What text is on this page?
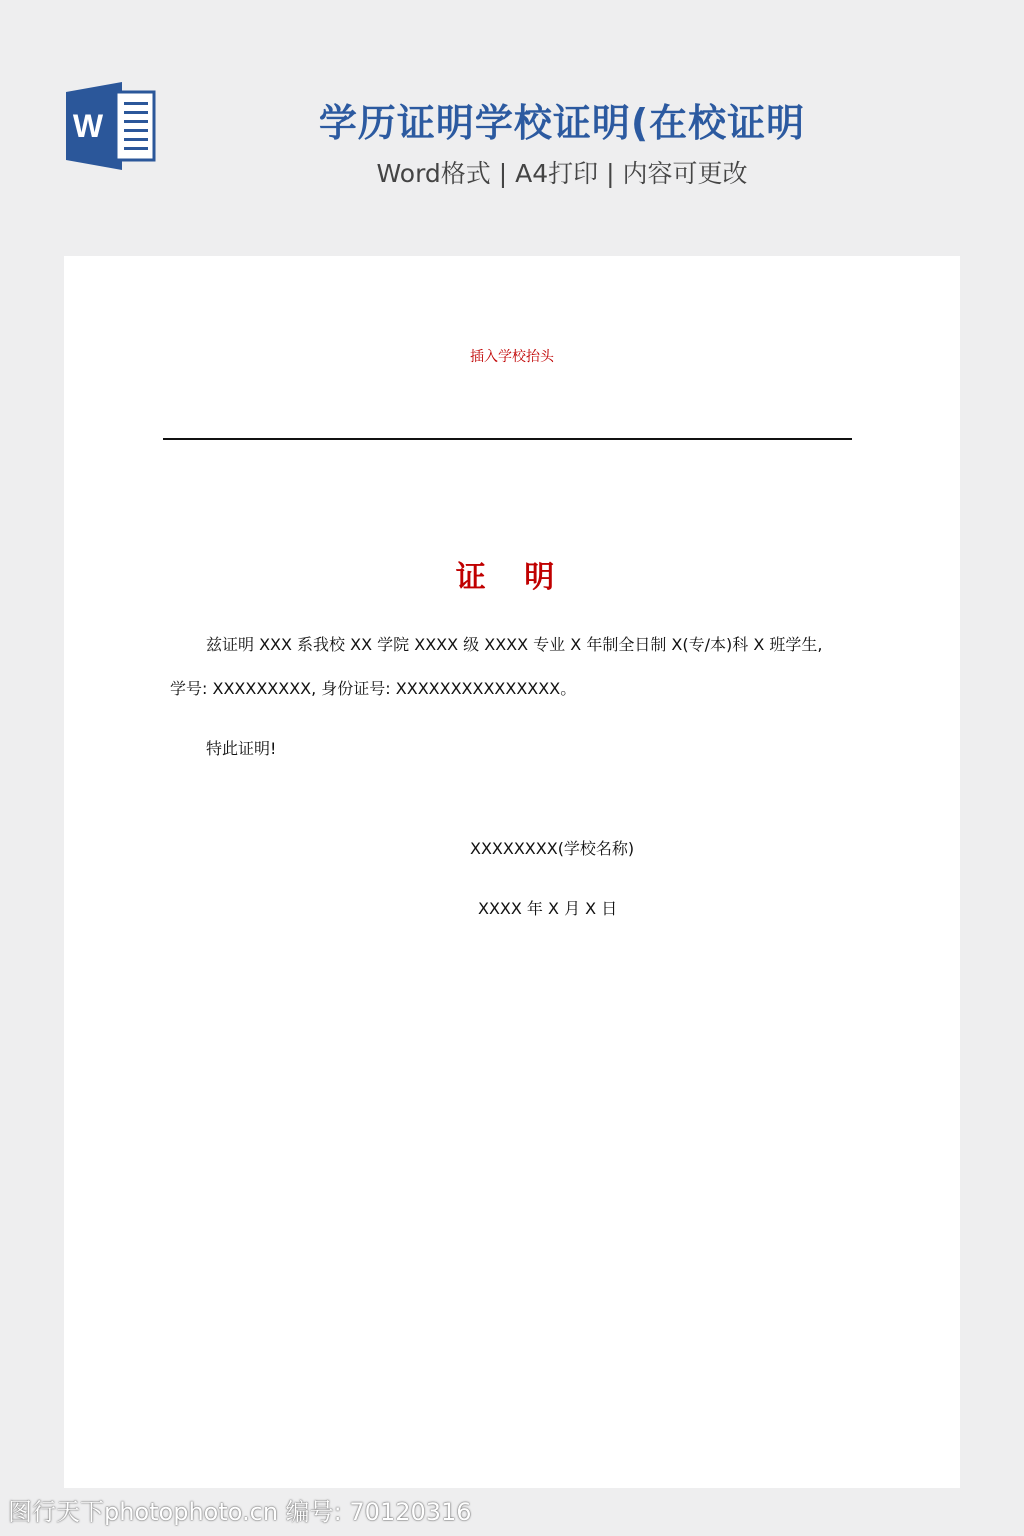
W	学历证明学校证明(在校证明
Word格式 | A4打印 | 内容可更改
插入学校抬头
证 明
兹证明 XXX 系我校 XX 学院 XXXX 级 XXXX 专业 X 年制全日制 X(专/本)科 X 班学生,
学号: XXXXXXXXX, 身份证号: XXXXXXXXXXXXXXX。
特此证明!
XXXXXXXX(学校名称)
XXXX 年 X 月 X 日
图行天下photophoto.cn 编号: 70120316
